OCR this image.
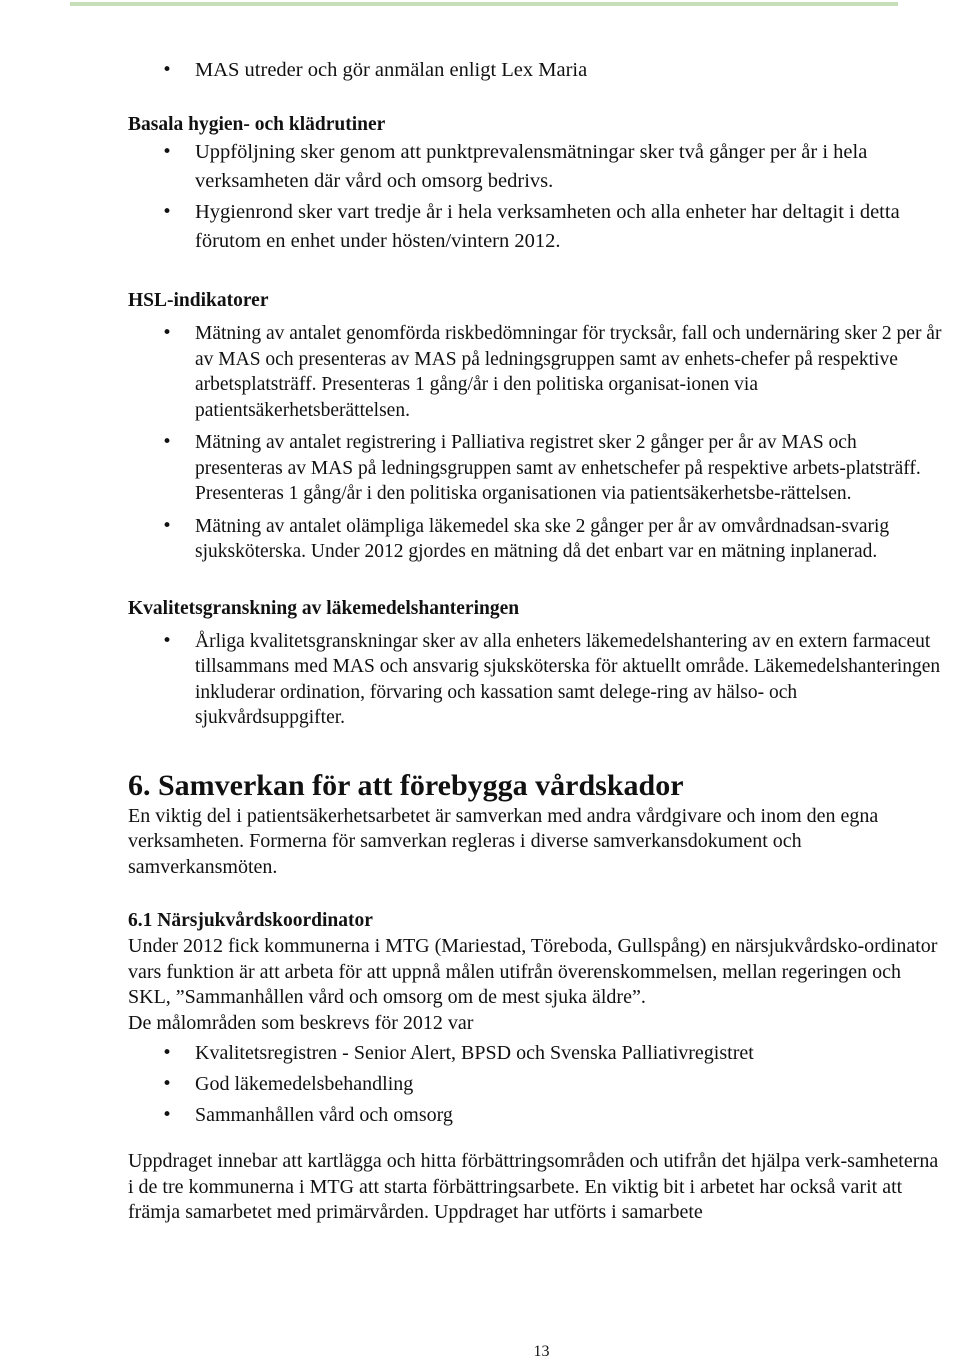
• MAS utreder och gör anmälan enligt Lex Maria
Basala hygien- och klädrutiner
• Uppföljning sker genom att punktprevalensmätningar sker två gånger per år i hela verksamheten där vård och omsorg bedrivs.
• Hygienrond sker vart tredje år i hela verksamheten och alla enheter har deltagit i detta förutom en enhet under hösten/vintern 2012.
HSL-indikatorer
• Mätning av antalet genomförda riskbedömningar för trycksår, fall och undernäring sker 2 per år av MAS och presenteras av MAS på ledningsgruppen samt av enhets-chefer på respektive arbetsplatsträff. Presenteras 1 gång/år i den politiska organisat-ionen via patientsäkerhetsberättelsen.
• Mätning av antalet registrering i Palliativa registret sker 2 gånger per år av MAS och presenteras av MAS på ledningsgruppen samt av enhetschefer på respektive arbets-platsträff. Presenteras 1 gång/år i den politiska organisationen via patientsäkerhetsbe-rättelsen.
• Mätning av antalet olämpliga läkemedel ska ske 2 gånger per år av omvårdnadsan-svarig sjuksköterska. Under 2012 gjordes en mätning då det enbart var en mätning inplanerad.
Kvalitetsgranskning av läkemedelshanteringen
• Årliga kvalitetsgranskningar sker av alla enheters läkemedelshantering av en extern farmaceut tillsammans med MAS och ansvarig sjuksköterska för aktuellt område. Läkemedelshanteringen inkluderar ordination, förvaring och kassation samt delege-ring av hälso- och sjukvårdsuppgifter.
6. Samverkan för att förebygga vårdskador

En viktig del i patientsäkerhetsarbetet är samverkan med andra vårdgivare och inom den egna verksamheten. Formerna för samverkan regleras i diverse samverkansdokument och samverkansmöten.

6.1 Närsjukvårdskoordinator

Under 2012 fick kommunerna i MTG (Mariestad, Töreboda, Gullspång) en närsjukvårdsko-ordinator vars funktion är att arbeta för att uppnå målen utifrån överenskommelsen, mellan regeringen och SKL, ”Sammanhållen vård och omsorg om de mest sjuka äldre”.

De målområden som beskrevs för 2012 var

• Kvalitetsregistren - Senior Alert, BPSD och Svenska Palliativregistret
• God läkemedelsbehandling
• Sammanhållen vård och omsorg

Uppdraget innebar att kartlägga och hitta förbättringsområden och utifrån det hjälpa verk-samheterna i de tre kommunerna i MTG att starta förbättringsarbete. En viktig bit i arbetet har också varit att främja samarbetet med primärvården. Uppdraget har utförts i samarbete

13
